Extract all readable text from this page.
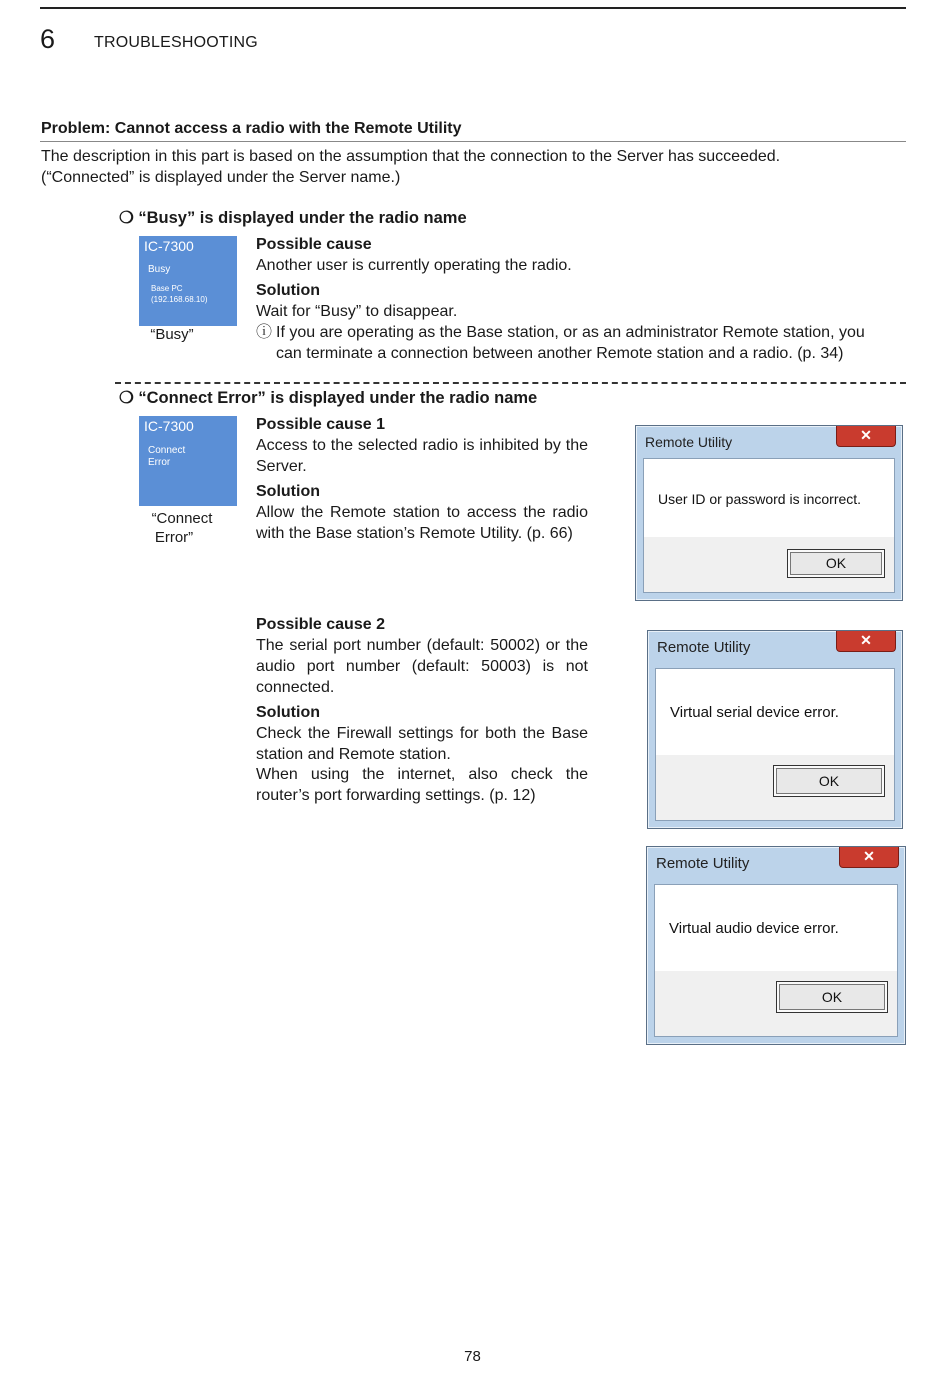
6 TROUBLESHOOTING
Problem: Cannot access a radio with the Remote Utility
The description in this part is based on the assumption that the connection to the Server has succeeded.
(“Connected” is displayed under the Server name.)
❍ “Busy” is displayed under the radio name
IC-7300
Busy
Base PC
(192.168.68.10)
“Busy”
Possible cause
Another user is currently operating the radio.
Solution
Wait for “Busy” to disappear.
ⓘ If you are operating as the Base station, or as an administrator Remote station, you
can terminate a connection between another Remote station and a radio. (p. 34)
❍ “Connect Error” is displayed under the radio name
IC-7300
Connect
Error
“Connect
Error”
Possible cause 1
Access to the selected radio is inhibited by the Server.
Solution
Allow the Remote station to access the radio with the Base station’s Remote Utility. (p. 66)
Possible cause 2
The serial port number (default: 50002) or the audio port number (default: 50003) is not connected.
Solution
Check the Firewall settings for both the Base station and Remote station.
When using the internet, also check the router’s port forwarding settings. (p. 12)
Remote Utility	✕
User ID or password is incorrect.
OK
Remote Utility	✕
Virtual serial device error.
OK
Remote Utility	✕
Virtual audio device error.
OK
78
